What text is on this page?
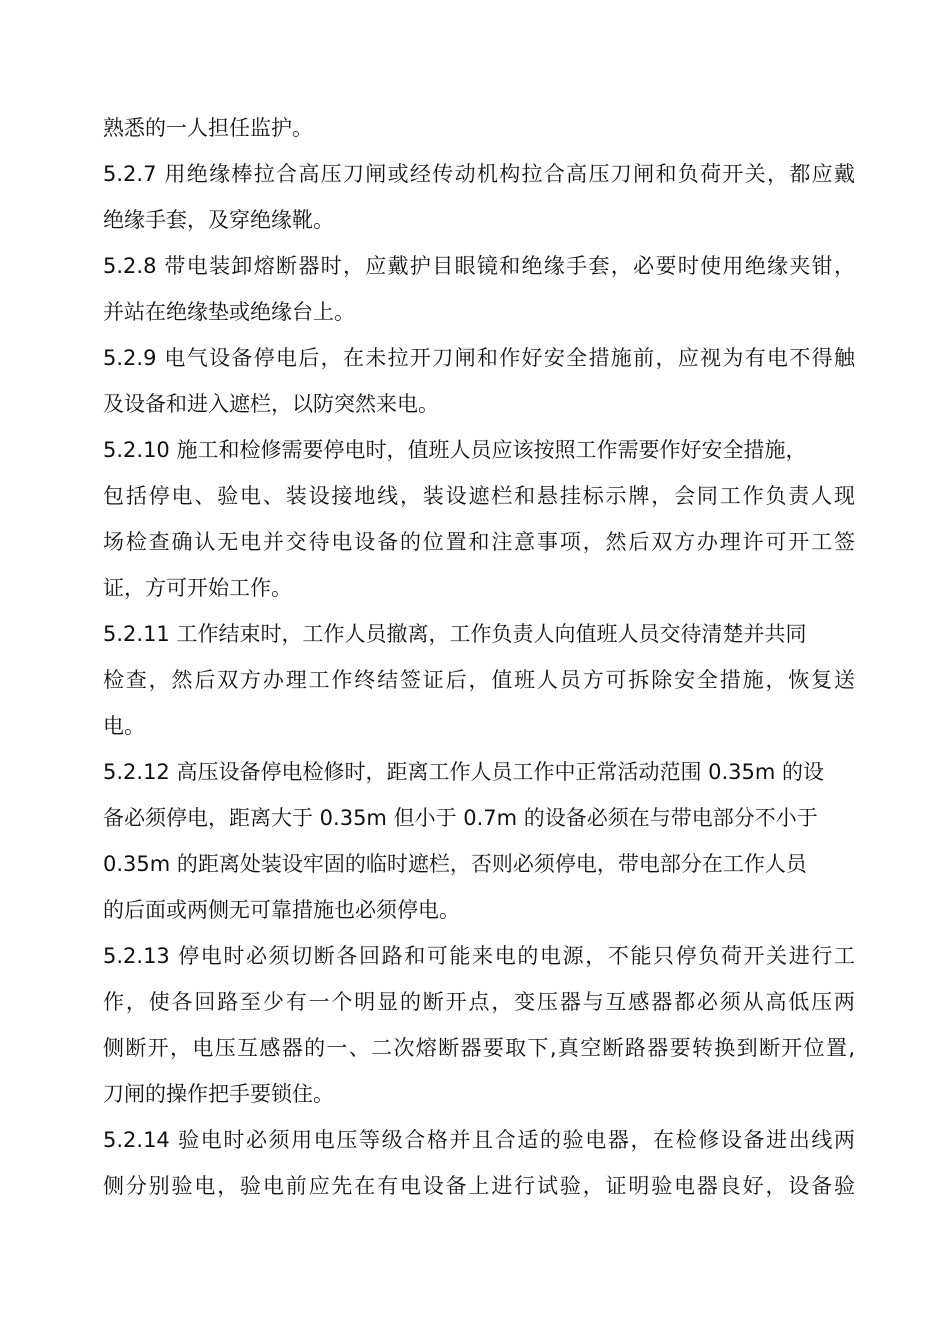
熟悉的一人担任监护。
5.2.7 用绝缘棒拉合高压刀闸或经传动机构拉合高压刀闸和负荷开关，都应戴
绝缘手套，及穿绝缘靴。
5.2.8 带电装卸熔断器时，应戴护目眼镜和绝缘手套，必要时使用绝缘夹钳，
并站在绝缘垫或绝缘台上。
5.2.9 电气设备停电后，在未拉开刀闸和作好安全措施前，应视为有电不得触
及设备和进入遮栏，以防突然来电。
5.2.10 施工和检修需要停电时，值班人员应该按照工作需要作好安全措施，
包括停电、验电、装设接地线，装设遮栏和悬挂标示牌，会同工作负责人现
场检查确认无电并交待电设备的位置和注意事项，然后双方办理许可开工签
证，方可开始工作。
5.2.11 工作结束时，工作人员撤离，工作负责人向值班人员交待清楚并共同
检查，然后双方办理工作终结签证后，值班人员方可拆除安全措施，恢复送
电。
5.2.12 高压设备停电检修时，距离工作人员工作中正常活动范围 0.35m 的设
备必须停电，距离大于 0.35m 但小于 0.7m 的设备必须在与带电部分不小于
0.35m 的距离处装设牢固的临时遮栏，否则必须停电，带电部分在工作人员
的后面或两侧无可靠措施也必须停电。
5.2.13 停电时必须切断各回路和可能来电的电源，不能只停负荷开关进行工
作，使各回路至少有一个明显的断开点，变压器与互感器都必须从高低压两
侧断开，电压互感器的一、二次熔断器要取下,真空断路器要转换到断开位置,
刀闸的操作把手要锁住。
5.2.14 验电时必须用电压等级合格并且合适的验电器，在检修设备进出线两
侧分别验电，验电前应先在有电设备上进行试验，证明验电器良好，设备验
